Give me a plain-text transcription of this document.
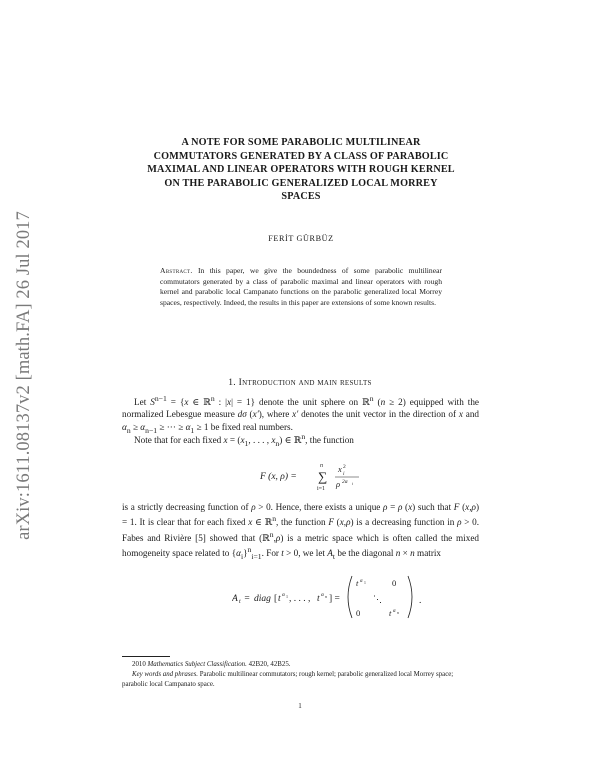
arXiv:1611.08137v2 [math.FA] 26 Jul 2017
A NOTE FOR SOME PARABOLIC MULTILINEAR
COMMUTATORS GENERATED BY A CLASS OF PARABOLIC
MAXIMAL AND LINEAR OPERATORS WITH ROUGH KERNEL
ON THE PARABOLIC GENERALIZED LOCAL MORREY
SPACES
FERİT GÜRBÜZ
Abstract. In this paper, we give the boundedness of some parabolic multilinear commutators generated by a class of parabolic maximal and linear operators with rough kernel and parabolic local Campanato functions on the parabolic generalized local Morrey spaces, respectively. Indeed, the results in this paper are extensions of some known results.
1. Introduction and main results
Let $S^{n-1} = \{x$ ∈ ℝ$^n$ : |x| = 1} denote the unit sphere on ℝ$^n$ (n ≥ 2) equipped with the normalized Lebesgue measure dσ (x′), where x′ denotes the unit vector in the direction of x and $\alpha_n \ge \alpha_{n-1}$ ≥ ··· ≥ $\alpha_1 \ge 1$ be fixed real numbers.
Note that for each fixed $x = (x_1$, . . . , $x_n$) ∈ ℝ$^n$, the function
F (x, ρ) = ∑
n
i=1
x 2
i
ρ 2α i
is a strictly decreasing function of ρ > 0. Hence, there exists a unique ρ = ρ (x) such that F (x,ρ) = 1. It is clear that for each fixed x ∈ ℝ$^n$, the function F (x,ρ) is a decreasing function in ρ > 0. Fabes and Rivière [5] showed that (ℝ$^n$,ρ) is a metric space which is often called the mixed homogeneity space related to $\{\alpha_i\}^n_{i=1}$. For t > 0, we let $A_t$ be the diagonal n × n matrix
A t = diag [ t α 1 , . . . , t α n ] =
t α 1	0
⋱
0	t α n
.

2010 Mathematics Subject Classification. 42B20, 42B25.

Key words and phrases. Parabolic multilinear commutators; rough kernel; parabolic generalized local Morrey space; parabolic local Campanato space.

1
